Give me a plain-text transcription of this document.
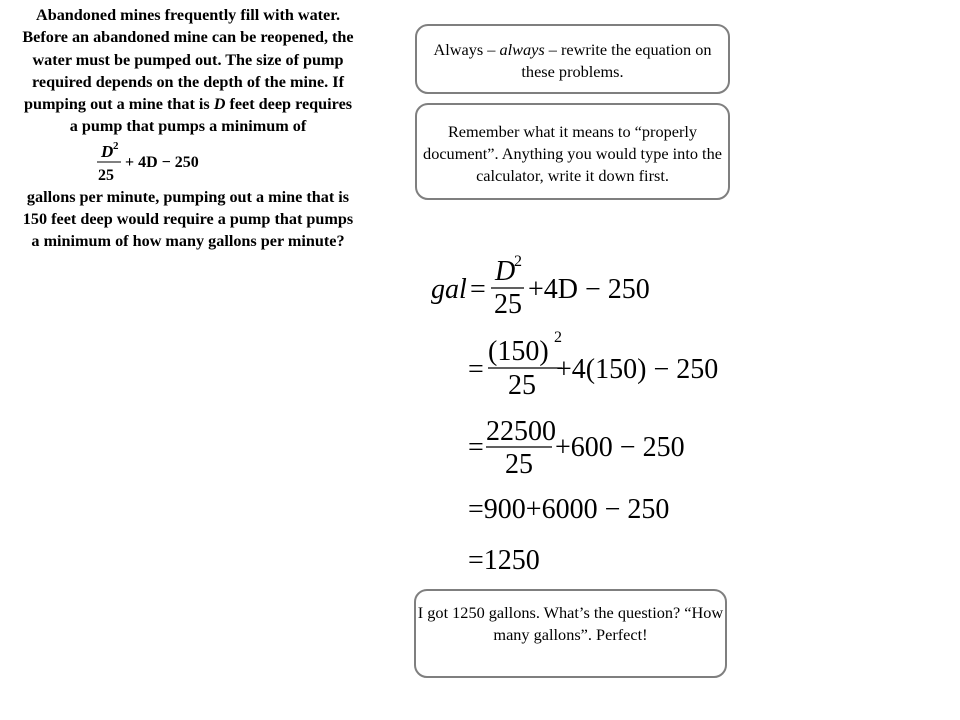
Abandoned mines frequently fill with water. Before an abandoned mine can be reopened, the water must be pumped out. The size of pump required depends on the depth of the mine. If pumping out a mine that is D feet deep requires a pump that pumps a minimum of

D 2
25
+ 4D − 250

gallons per minute, pumping out a mine that is 150 feet deep would require a pump that pumps a minimum of how many gallons per minute?

Always – always – rewrite the equation on these problems.

Remember what it means to “properly document”. Anything you would type into the calculator, write it down first.

I got 1250 gallons. What’s the question? “How many gallons”. Perfect!

gal =
D
2
25 +4D − 250
=
(150) 2
25
+4(150) − 250
=
22500
25
+600 − 250
=900+6000 − 250
=1250
